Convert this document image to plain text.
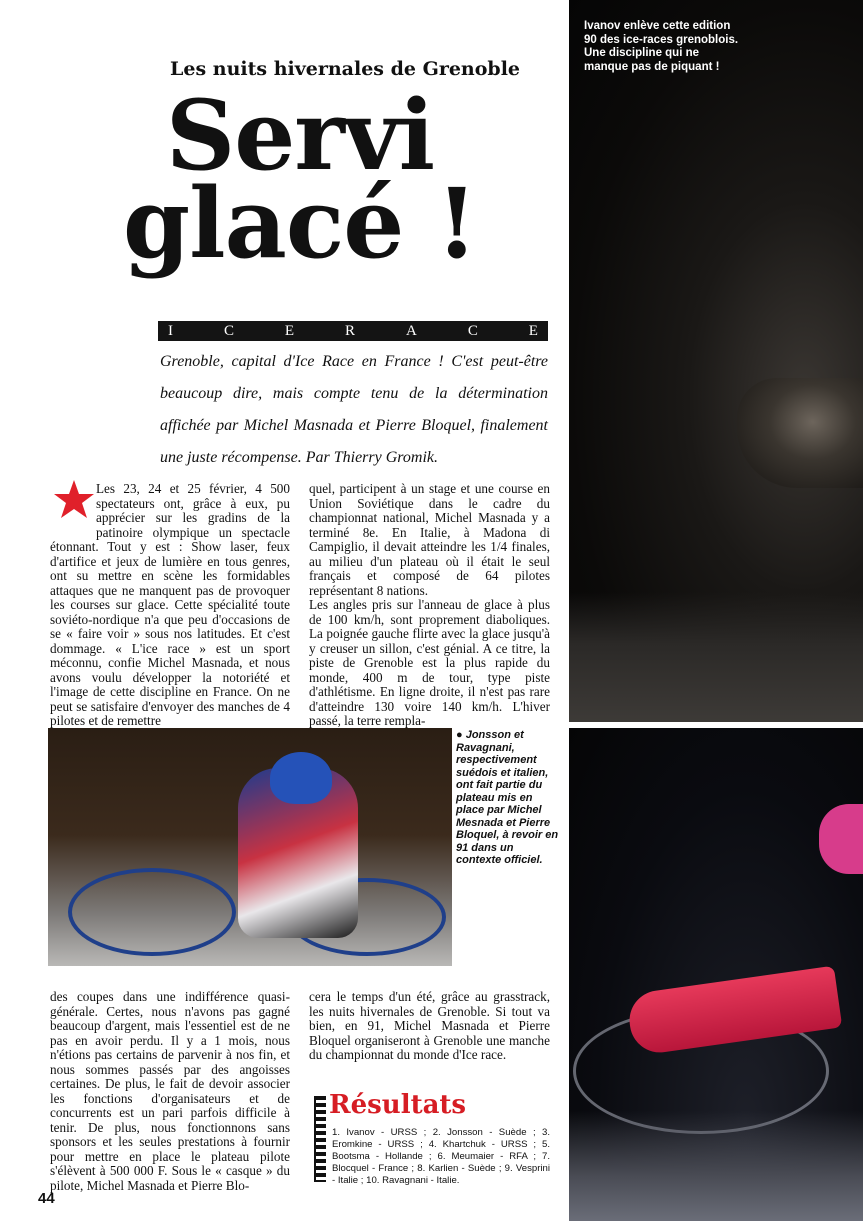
Ivanov enlève cette edition 90 des ice-races grenoblois. Une discipline qui ne manque pas de piquant !

Les nuits hivernales de Grenoble
Servi
glacé !
I	C	E	R	A	C	E

Grenoble, capital d'Ice Race en France ! C'est peut-être beaucoup dire, mais compte tenu de la détermination affichée par Michel Masnada et Pierre Bloquel, finalement une juste récompense. Par Thierry Gromik.

Les 23, 24 et 25 février, 4 500 spectateurs ont, grâce à eux, pu apprécier sur les gradins de la patinoire olympique un spectacle étonnant. Tout y est : Show laser, feux d'artifice et jeux de lumière en tous genres, ont su mettre en scène les formidables attaques que ne manquent pas de provoquer les courses sur glace. Cette spécialité toute soviéto-nordique n'a que peu d'occasions de se « faire voir » sous nos latitudes. Et c'est dommage. « L'ice race » est un sport méconnu, confie Michel Masnada, et nous avons voulu développer la notoriété et l'image de cette discipline en France. On ne peut se satisfaire d'envoyer des manches de 4 pilotes et de remettre

quel, participent à un stage et une course en Union Soviétique dans le cadre du championnat national, Michel Masnada y a terminé 8e. En Italie, à Madona di Campiglio, il devait atteindre les 1/4 finales, au milieu d'un plateau où il était le seul français et composé de 64 pilotes représentant 8 nations.
Les angles pris sur l'anneau de glace à plus de 100 km/h, sont proprement diaboliques. La poignée gauche flirte avec la glace jusqu'à y creuser un sillon, c'est génial. A ce titre, la piste de Grenoble est la plus rapide du monde, 400 m de tour, type piste d'athlétisme. En ligne droite, il n'est pas rare d'atteindre 130 voire 140 km/h. L'hiver passé, la terre rempla-

● Jonsson et Ravagnani, respectivement suédois et italien, ont fait partie du plateau mis en place par Michel Mesnada et Pierre Bloquel, à revoir en 91 dans un contexte officiel.

des coupes dans une indifférence quasi-générale. Certes, nous n'avons pas gagné beaucoup d'argent, mais l'essentiel est de ne pas en avoir perdu. Il y a 1 mois, nous n'étions pas certains de parvenir à nos fin, et nous sommes passés par des angoisses certaines. De plus, le fait de devoir associer les fonctions d'organisateurs et de concurrents est un pari parfois difficile à tenir. De plus, nous fonctionnons sans sponsors et les seules prestations à fournir pour mettre en place le plateau pilote s'élèvent à 500 000 F. Sous le « casque » du pilote, Michel Masnada et Pierre Blo-

cera le temps d'un été, grâce au grasstrack, les nuits hivernales de Grenoble. Si tout va bien, en 91, Michel Masnada et Pierre Bloquel organiseront à Grenoble une manche du championnat du monde d'Ice race.

Résultats

1. Ivanov - URSS ; 2. Jonsson - Suède ; 3. Eromkine - URSS ; 4. Khartchuk - URSS ; 5. Bootsma - Hollande ; 6. Meumaier - RFA ; 7. Blocquel - France ; 8. Karlien - Suède ; 9. Vesprini - Italie ; 10. Ravagnani - Italie.

44
